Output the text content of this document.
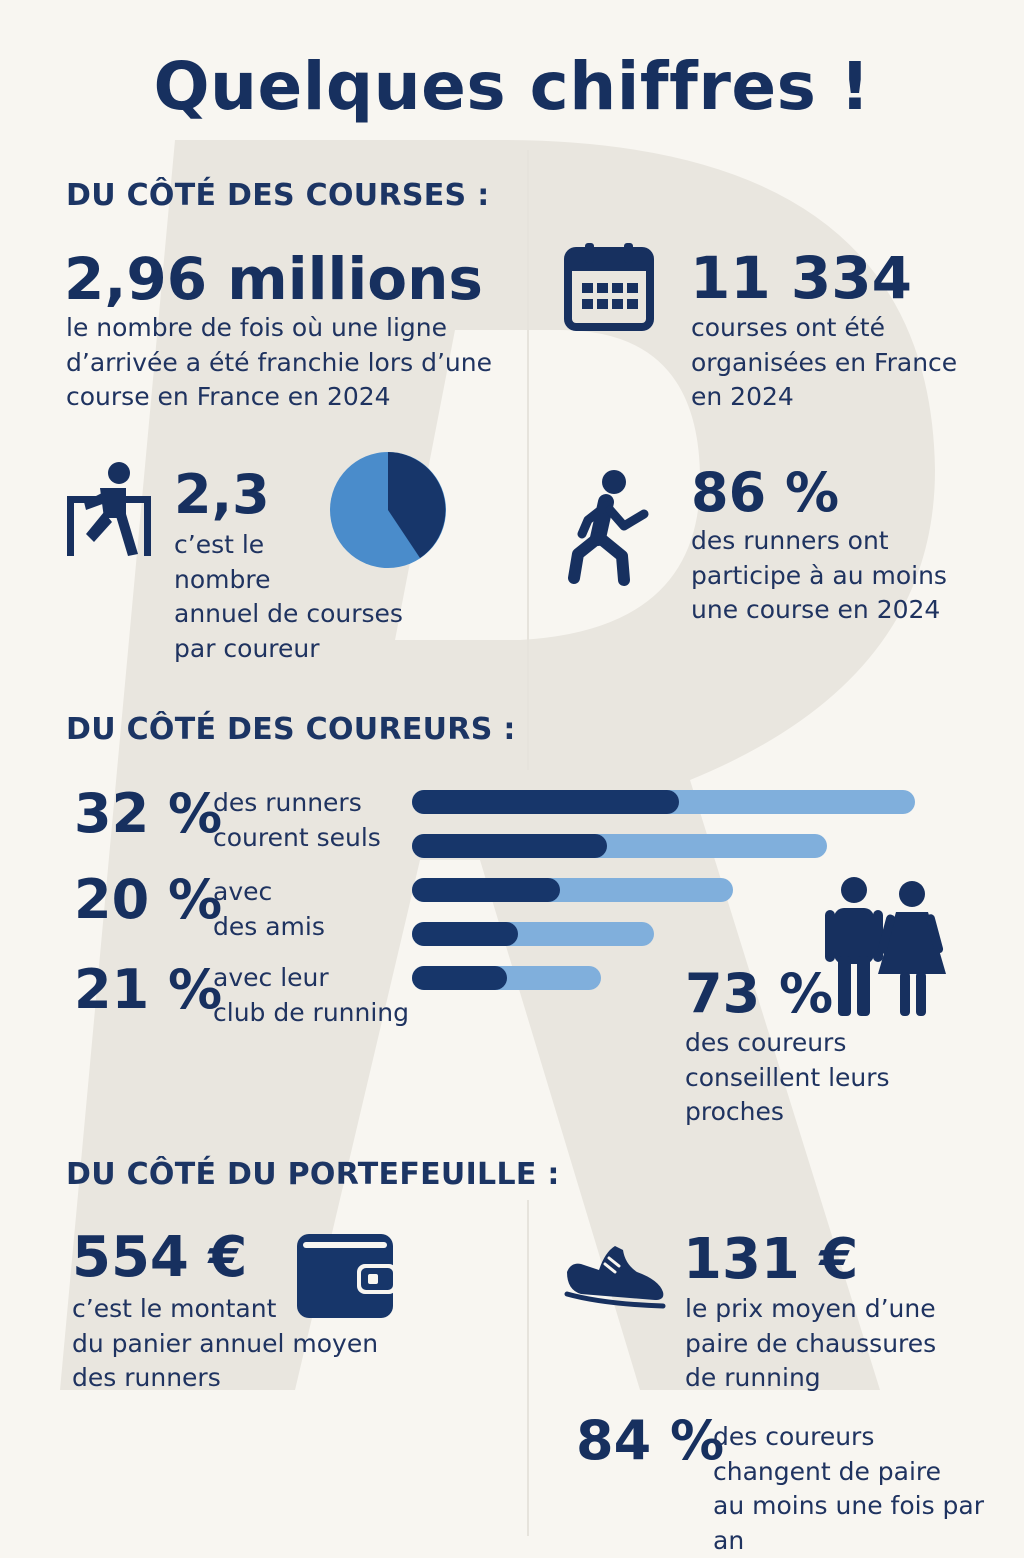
Quelques chiffres !
DU CÔTÉ DES COURSES :
2,96 millions
le nombre de fois où une ligne
d’arrivée a été franchie lors d’une
course en France en 2024
11 334
courses ont été
organisées en France
en 2024
2,3
c’est le
nombre
annuel de courses
par coureur
86 %
des runners ont
participe à au moins
une course en 2024
DU CÔTÉ DES COUREURS :
32 %
des runners
courent seuls
20 %
avec
des amis
21 %
avec leur
club de running	73 %
des coureurs
conseillent leurs
proches
DU CÔTÉ DU PORTEFEUILLE :
554 €
c’est le montant
du panier annuel moyen
des runners
131 €
le prix moyen d’une
paire de chaussures
de running
84 %
des coureurs
changent de paire
au moins une fois par an
